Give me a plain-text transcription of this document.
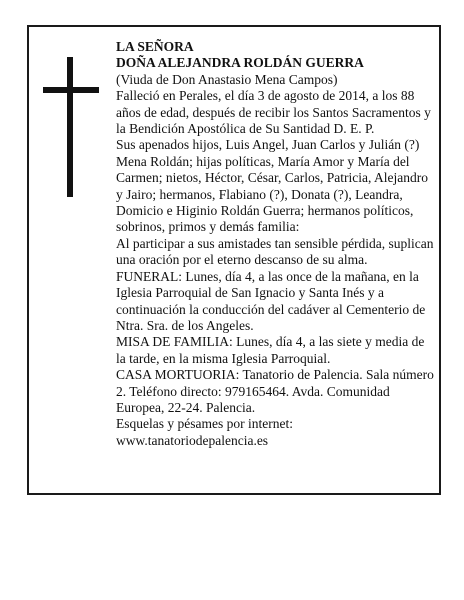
LA SEÑORA
DOÑA ALEJANDRA ROLDÁN GUERRA
(Viuda de Don Anastasio Mena Campos)
Falleció en Perales, el día 3 de agosto de 2014, a los 88 años de edad, después de recibir los Santos Sacramentos y la Bendición Apostólica de Su Santidad D. E. P.
Sus apenados hijos, Luis Angel, Juan Carlos y Julián (?) Mena Roldán; hijas políticas, María Amor y María del Carmen; nietos, Héctor, César, Carlos, Patricia, Alejandro y Jairo; hermanos, Flabiano (?), Donata (?), Leandra, Domicio e Higinio Roldán Guerra; hermanos políticos, sobrinos, primos y demás familia:
Al participar a sus amistades tan sensible pérdida, suplican una oración por el eterno descanso de su alma.
FUNERAL: Lunes, día 4, a las once de la mañana, en la Iglesia Parroquial de San Ignacio y Santa Inés y a continuación la conducción del cadáver al Cementerio de Ntra. Sra. de los Angeles.
MISA DE FAMILIA: Lunes, día 4, a las siete y media de la tarde, en la misma Iglesia Parroquial.
CASA MORTUORIA: Tanatorio de Palencia. Sala número 2. Teléfono directo: 979165464. Avda. Comunidad Europea, 22-24. Palencia.
Esquelas y pésames por internet:
www.tanatoriodepalencia.es
